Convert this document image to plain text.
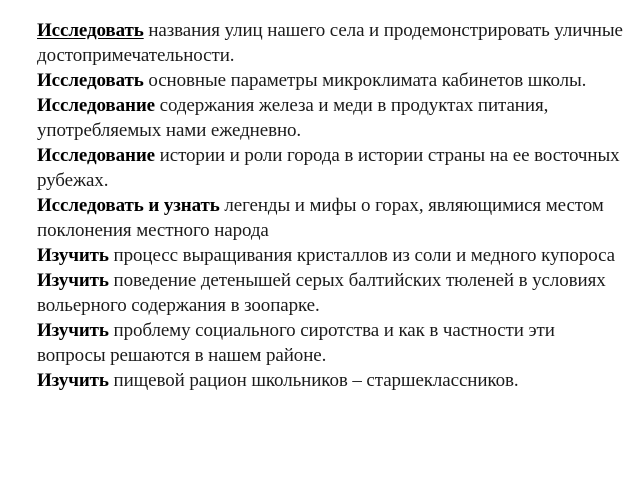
Исследовать названия улиц нашего села и продемонстрировать уличные достопримечательности.

Исследовать основные параметры микроклимата кабинетов школы.

Исследование содержания железа и меди в продуктах питания, употребляемых нами ежедневно.

Исследование истории и роли города в истории страны на ее восточных рубежах.

Исследовать и узнать легенды и мифы о горах, являющимися местом поклонения местного народа

Изучить процесс выращивания кристаллов из соли и медного купороса

Изучить поведение детенышей серых балтийских тюленей в условиях вольерного содержания в зоопарке.

Изучить проблему социального сиротства и как в частности эти вопросы решаются в нашем районе.

Изучить пищевой рацион школьников – старшеклассников.
